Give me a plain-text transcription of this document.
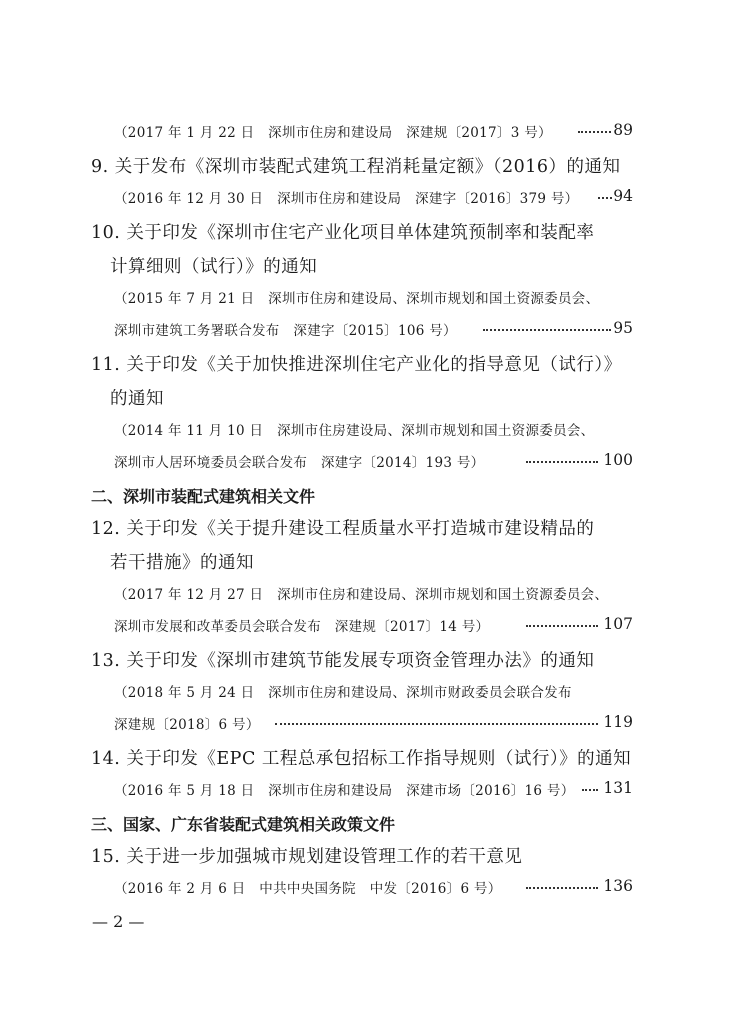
（2017 年 1 月 22 日　深圳市住房和建设局　深建规〔2017〕3 号）	89
9. 关于发布《深圳市装配式建筑工程消耗量定额》（2016）的通知
（2016 年 12 月 30 日　深圳市住房和建设局　深建字〔2016〕379 号） 94
10. 关于印发《深圳市住宅产业化项目单体建筑预制率和装配率
计算细则（试行）》的通知
（2015 年 7 月 21 日　深圳市住房和建设局、深圳市规划和国土资源委员会、
深圳市建筑工务署联合发布　深建字〔2015〕106 号）	95
11. 关于印发《关于加快推进深圳住宅产业化的指导意见（试行）》
的通知
（2014 年 11 月 10 日　深圳市住房建设局、深圳市规划和国土资源委员会、
深圳市人居环境委员会联合发布　深建字〔2014〕193 号）	100
二、深圳市装配式建筑相关文件
12. 关于印发《关于提升建设工程质量水平打造城市建设精品的
若干措施》的通知
（2017 年 12 月 27 日　深圳市住房和建设局、深圳市规划和国土资源委员会、
深圳市发展和改革委员会联合发布　深建规〔2017〕14 号）	107
13. 关于印发《深圳市建筑节能发展专项资金管理办法》的通知
（2018 年 5 月 24 日　深圳市住房和建设局、深圳市财政委员会联合发布
深建规〔2018〕6 号）	119
14. 关于印发《EPC 工程总承包招标工作指导规则（试行）》的通知
（2016 年 5 月 18 日　深圳市住房和建设局　深建市场〔2016〕16 号） 131
三、国家、广东省装配式建筑相关政策文件
15. 关于进一步加强城市规划建设管理工作的若干意见
（2016 年 2 月 6 日　中共中央国务院　中发〔2016〕6 号）	136
— 2 —
